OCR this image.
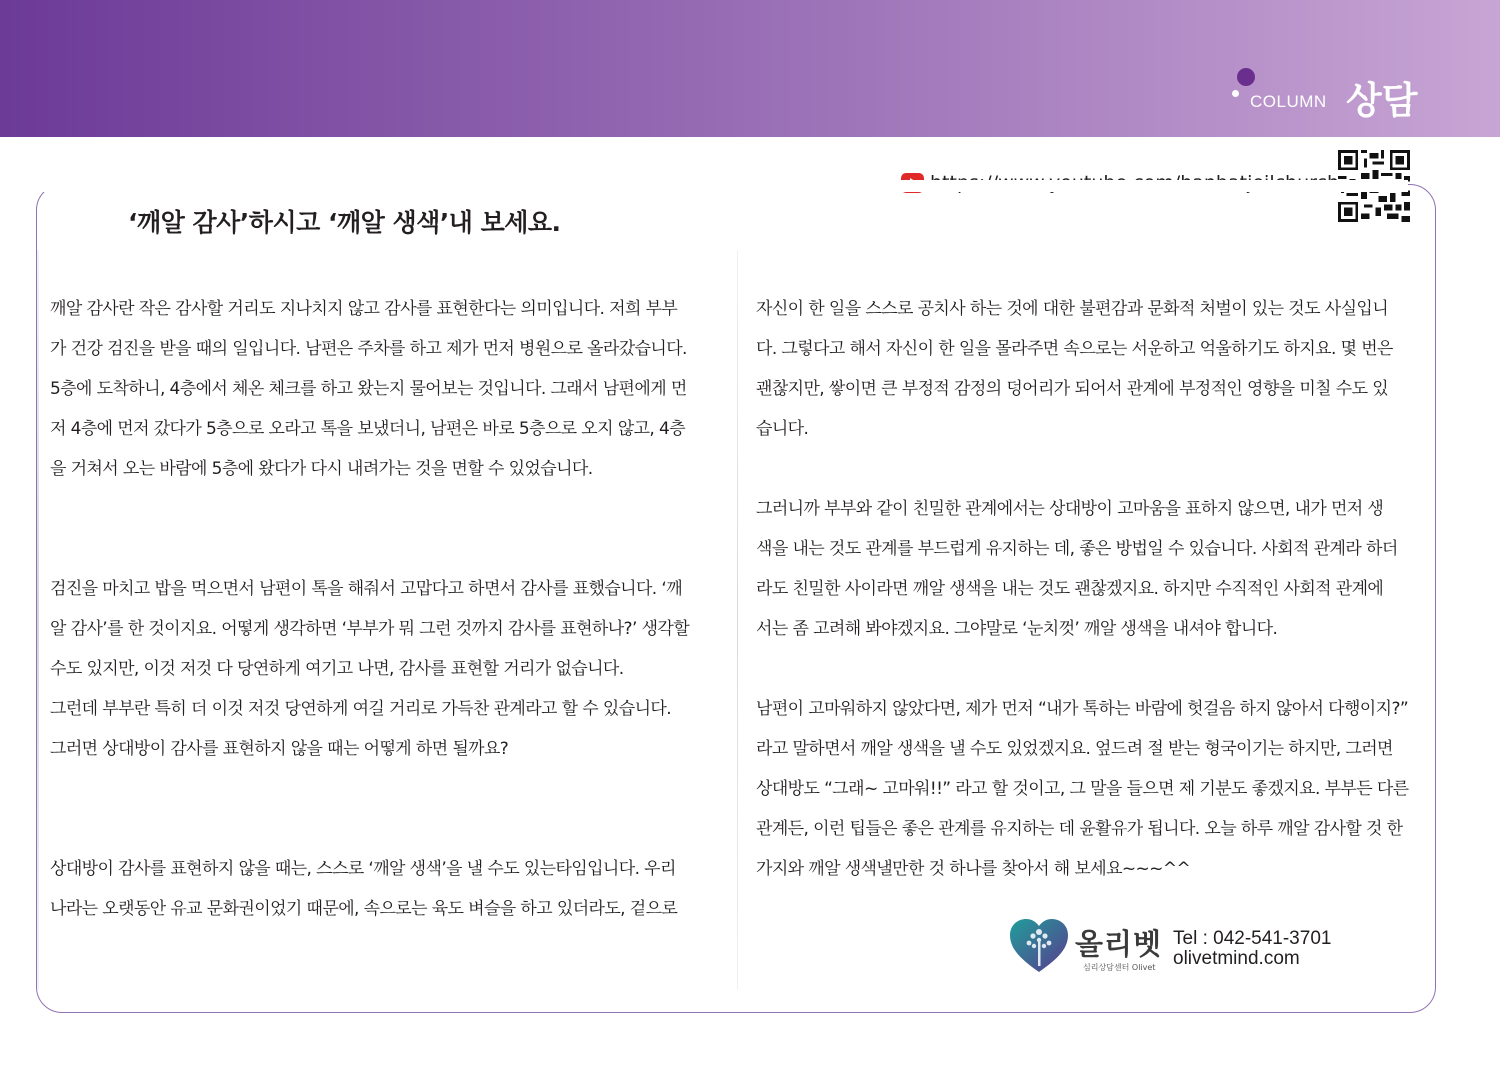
COLUMN 상담
‘깨알 감사’하시고 ‘깨알 생색’내 보세요.
깨알 감사란 작은 감사할 거리도 지나치지 않고 감사를 표현한다는 의미입니다. 저희 부부
가 건강 검진을 받을 때의 일입니다. 남편은 주차를 하고 제가 먼저 병원으로 올라갔습니다.
5층에 도착하니, 4층에서 체온 체크를 하고 왔는지 물어보는 것입니다. 그래서 남편에게 먼
저 4층에 먼저 갔다가 5층으로 오라고 톡을 보냈더니, 남편은 바로 5층으로 오지 않고, 4층
을 거쳐서 오는 바람에 5층에 왔다가 다시 내려가는 것을 면할 수 있었습니다.
검진을 마치고 밥을 먹으면서 남편이 톡을 해줘서 고맙다고 하면서 감사를 표했습니다. ‘깨
알 감사’를 한 것이지요. 어떻게 생각하면 ‘부부가 뭐 그런 것까지 감사를 표현하나?’ 생각할
수도 있지만, 이것 저것 다 당연하게 여기고 나면, 감사를 표현할 거리가 없습니다.
그런데 부부란 특히 더 이것 저것 당연하게 여길 거리로 가득찬 관계라고 할 수 있습니다.
그러면 상대방이 감사를 표현하지 않을 때는 어떻게 하면 될까요?
상대방이 감사를 표현하지 않을 때는, 스스로 ‘깨알 생색’을 낼 수도 있는타임입니다. 우리
나라는 오랫동안 유교 문화권이었기 때문에, 속으로는 육도 벼슬을 하고 있더라도, 겉으로
자신이 한 일을 스스로 공치사 하는 것에 대한 불편감과 문화적 처벌이 있는 것도 사실입니
다. 그렇다고 해서 자신이 한 일을 몰라주면 속으로는 서운하고 억울하기도 하지요. 몇 번은
괜찮지만, 쌓이면 큰 부정적 감정의 덩어리가 되어서 관계에 부정적인 영향을 미칠 수도 있
습니다.
그러니까 부부와 같이 친밀한 관계에서는 상대방이 고마움을 표하지 않으면, 내가 먼저 생
색을 내는 것도 관계를 부드럽게 유지하는 데, 좋은 방법일 수 있습니다. 사회적 관계라 하더
라도 친밀한 사이라면 깨알 생색을 내는 것도 괜찮겠지요. 하지만 수직적인 사회적 관계에
서는 좀 고려해 봐야겠지요. 그야말로 ‘눈치껏’ 깨알 생색을 내셔야 합니다.
남편이 고마워하지 않았다면, 제가 먼저 “내가 톡하는 바람에 헛걸음 하지 않아서 다행이지?”
라고 말하면서 깨알 생색을 낼 수도 있었겠지요. 엎드려 절 받는 형국이기는 하지만, 그러면
상대방도 “그래~ 고마워!!” 라고 할 것이고, 그 말을 들으면 제 기분도 좋겠지요. 부부든 다른
관계든, 이런 팁들은 좋은 관계를 유지하는 데 윤활유가 됩니다. 오늘 하루 깨알 감사할 것 한
가지와 깨알 생색낼만한 것 하나를 찾아서 해 보세요~~~^^
올리벳
심리상담센터 Olivet
Tel : 042-541-3701
olivetmind.com
